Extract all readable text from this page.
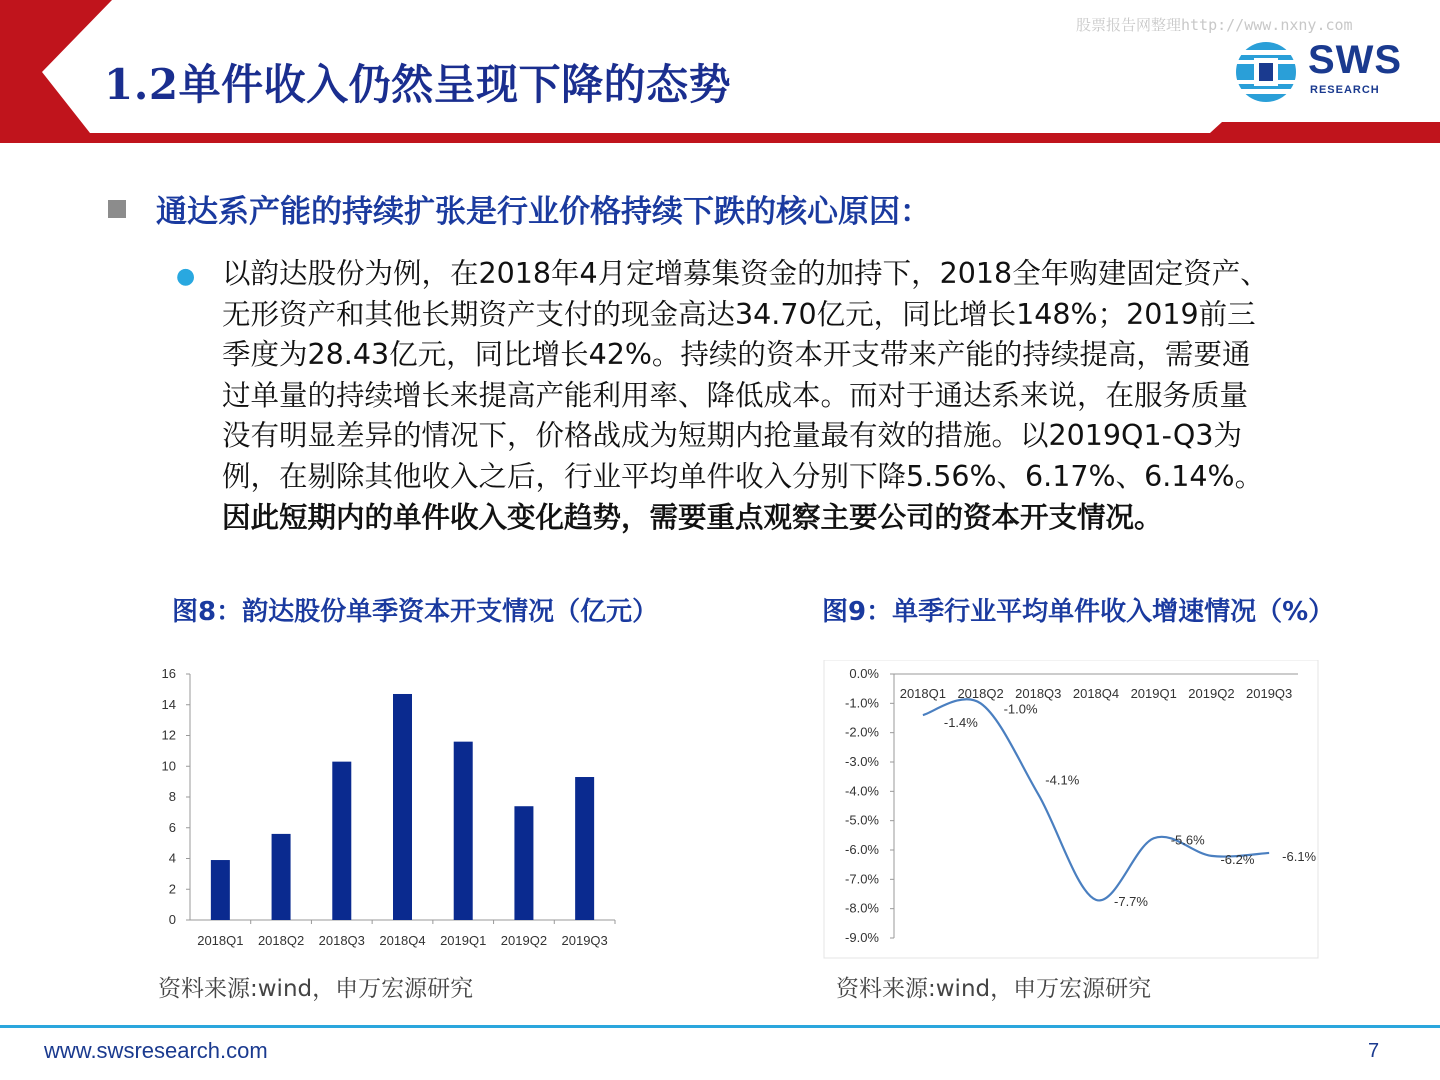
股票报告网整理http://www.nxny.com
1.2单件收入仍然呈现下降的态势	SWS
RESEARCH
通达系产能的持续扩张是行业价格持续下跌的核心原因：
● 以韵达股份为例，在2018年4月定增募集资金的加持下，2018全年购建固定资产、
无形资产和其他长期资产支付的现金高达34.70亿元，同比增长148%；2019前三
季度为28.43亿元，同比增长42%。持续的资本开支带来产能的持续提高，需要通
过单量的持续增长来提高产能利用率、降低成本。而对于通达系来说，在服务质量
没有明显差异的情况下，价格战成为短期内抢量最有效的措施。以2019Q1-Q3为
例，在剔除其他收入之后，行业平均单件收入分别下降5.56%、6.17%、6.14%。
因此短期内的单件收入变化趋势，需要重点观察主要公司的资本开支情况。
图8：韵达股份单季资本开支情况（亿元）	图9：单季行业平均单件收入增速情况（%）
0
2
4
6
8
10
12
14
16
2018Q1 2018Q2 2018Q3 2018Q4 2019Q1 2019Q2 2019Q3
0.0%
-1.0%
-2.0%
-3.0%
-4.0%
-5.0%
-6.0%
-7.0%
-8.0%
-9.0%
2018Q1 2018Q2 2018Q3 2018Q4 2019Q1 2019Q2 2019Q3
-1.4%
-1.0%
-4.1%
-7.7%
-5.6%
-6.2% -6.1%
资料来源:wind，申万宏源研究	资料来源:wind，申万宏源研究
www.swsresearch.com	7
